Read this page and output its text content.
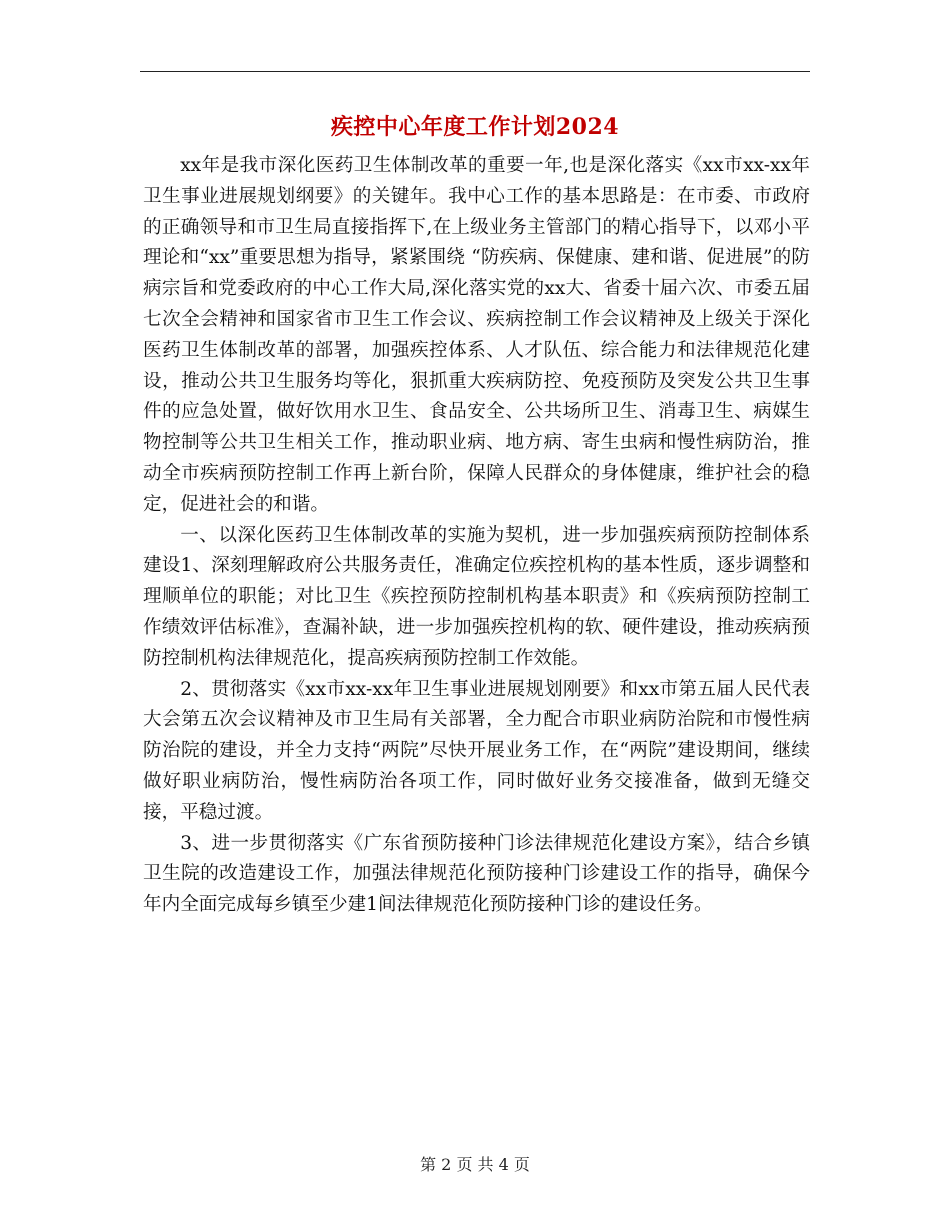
疾控中心年度工作计划2024

xx年是我市深化医药卫生体制改革的重要一年,也是深化落实《xx市xx-xx年卫生事业进展规划纲要》的关键年。我中心工作的基本思路是：在市委、市政府的正确领导和市卫生局直接指挥下,在上级业务主管部门的精心指导下，以邓小平理论和“xx”重要思想为指导，紧紧围绕 “防疾病、保健康、建和谐、促进展”的防病宗旨和党委政府的中心工作大局,深化落实党的xx大、省委十届六次、市委五届七次全会精神和国家省市卫生工作会议、疾病控制工作会议精神及上级关于深化医药卫生体制改革的部署，加强疾控体系、人才队伍、综合能力和法律规范化建设，推动公共卫生服务均等化，狠抓重大疾病防控、免疫预防及突发公共卫生事件的应急处置，做好饮用水卫生、食品安全、公共场所卫生、消毒卫生、病媒生物控制等公共卫生相关工作，推动职业病、地方病、寄生虫病和慢性病防治，推动全市疾病预防控制工作再上新台阶，保障人民群众的身体健康，维护社会的稳定，促进社会的和谐。

一、以深化医药卫生体制改革的实施为契机，进一步加强疾病预防控制体系建设1、深刻理解政府公共服务责任，准确定位疾控机构的基本性质，逐步调整和理顺单位的职能；对比卫生《疾控预防控制机构基本职责》和《疾病预防控制工作绩效评估标准》，查漏补缺，进一步加强疾控机构的软、硬件建设，推动疾病预防控制机构法律规范化，提高疾病预防控制工作效能。

2、贯彻落实《xx市xx-xx年卫生事业进展规划刚要》和xx市第五届人民代表大会第五次会议精神及市卫生局有关部署，全力配合市职业病防治院和市慢性病防治院的建设，并全力支持“两院”尽快开展业务工作，在“两院”建设期间，继续做好职业病防治，慢性病防治各项工作，同时做好业务交接准备，做到无缝交接，平稳过渡。

3、进一步贯彻落实《广东省预防接种门诊法律规范化建设方案》，结合乡镇卫生院的改造建设工作，加强法律规范化预防接种门诊建设工作的指导，确保今年内全面完成每乡镇至少建1间法律规范化预防接种门诊的建设任务。

第 2 页 共 4 页
